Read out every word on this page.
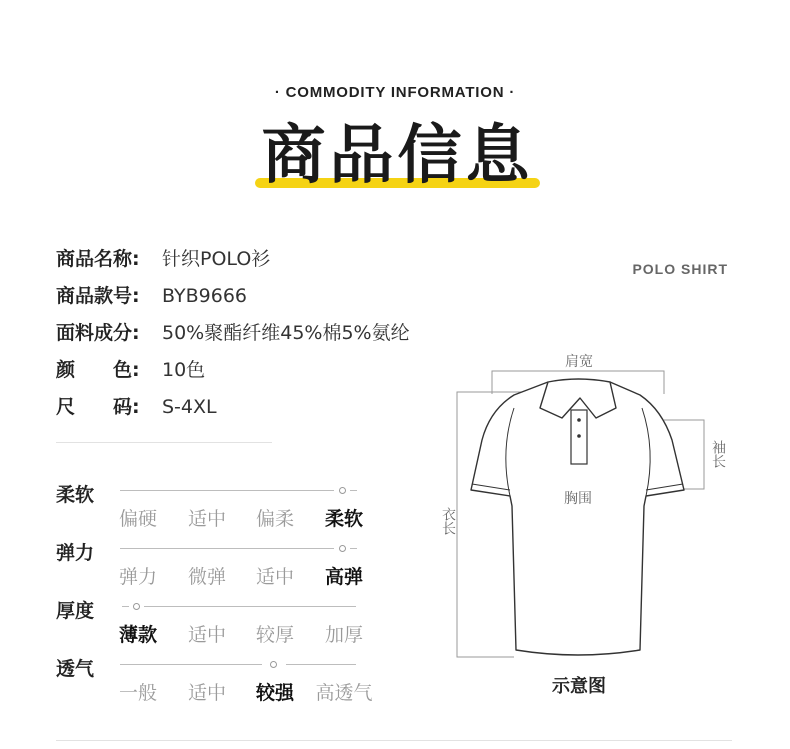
· COMMODITY INFORMATION ·
商品信息
商品名称: 针织POLO衫
商品款号: BYB9666
面料成分: 50%聚酯纤维45%棉5%氨纶
颜　　色: 10色
尺　　码: S-4XL
柔软
偏硬	适中	偏柔	柔软
弹力
弹力	微弹	适中	高弹
厚度
薄款	适中	较厚	加厚
透气
一般	适中	较强	高透气
POLO SHIRT
肩宽
袖长
胸围
衣长
示意图
